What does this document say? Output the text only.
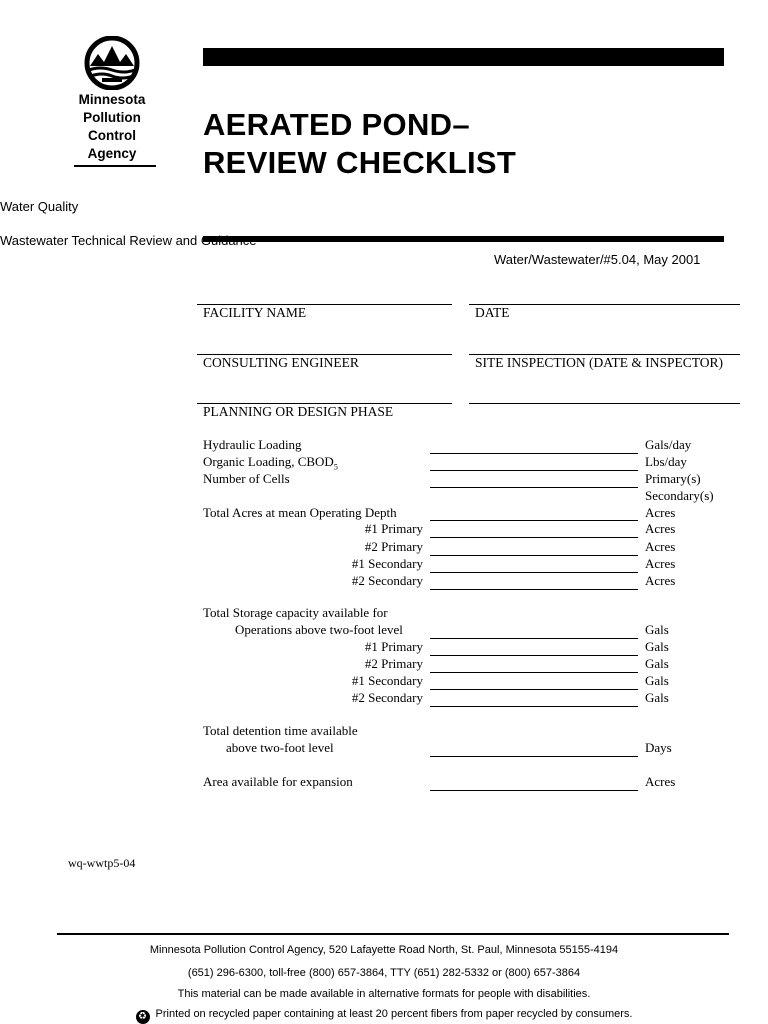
Minnesota
Pollution
Control
Agency
AERATED POND–
REVIEW CHECKLIST
Water Quality
Wastewater Technical Review and Guidance
Water/Wastewater/#5.04, May 2001
FACILITY NAME	DATE
CONSULTING ENGINEER	SITE INSPECTION (DATE & INSPECTOR)
PLANNING OR DESIGN PHASE
Hydraulic Loading	Gals/day
Organic Loading, $CBOD_5$	Lbs/day
Number of Cells	Primary(s)
Secondary(s)
Total Acres at mean Operating Depth	Acres
#1 Primary	Acres
#2 Primary	Acres
#1 Secondary	Acres
#2 Secondary	Acres
Total Storage capacity available for
Operations above two-foot level	Gals
#1 Primary	Gals
#2 Primary	Gals
#1 Secondary	Gals
#2 Secondary	Gals
Total detention time available
above two-foot level	Days
Area available for expansion	Acres
wq-wwtp5-04
Minnesota Pollution Control Agency, 520 Lafayette Road North, St. Paul, Minnesota 55155-4194
(651) 296-6300, toll-free (800) 657-3864, TTY (651) 282-5332 or (800) 657-3864
This material can be made available in alternative formats for people with disabilities.
♻ Printed on recycled paper containing at least 20 percent fibers from paper recycled by consumers.
